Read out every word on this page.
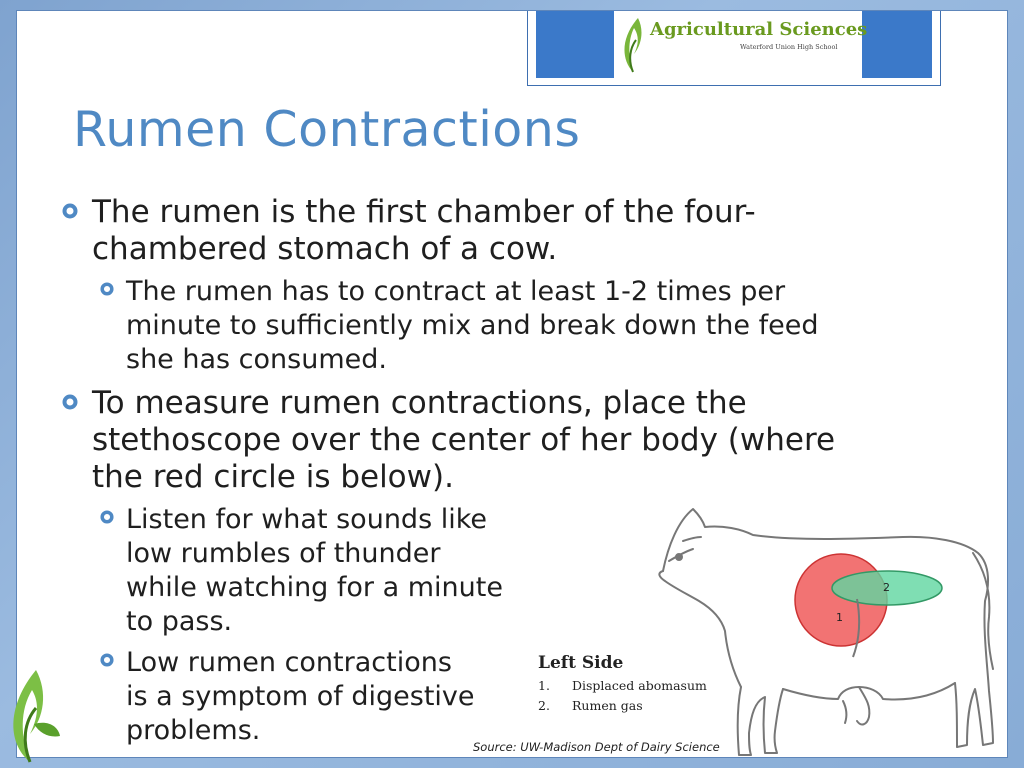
Agricultural Sciences
Waterford Union High School
Rumen Contractions
The rumen is the first chamber of the four-
chambered stomach of a cow.
The rumen has to contract at least 1-2 times per
minute to sufficiently mix and break down the feed
she has consumed.
To measure rumen contractions, place the
stethoscope over the center of her body (where
the red circle is below).
Listen for what sounds like
low rumbles of thunder
while watching for a minute
to pass.
Low rumen contractions
is a symptom of digestive
problems.
1
2
Left Side
1. Displaced abomasum
2. Rumen gas
Source: UW-Madison Dept of Dairy Science
